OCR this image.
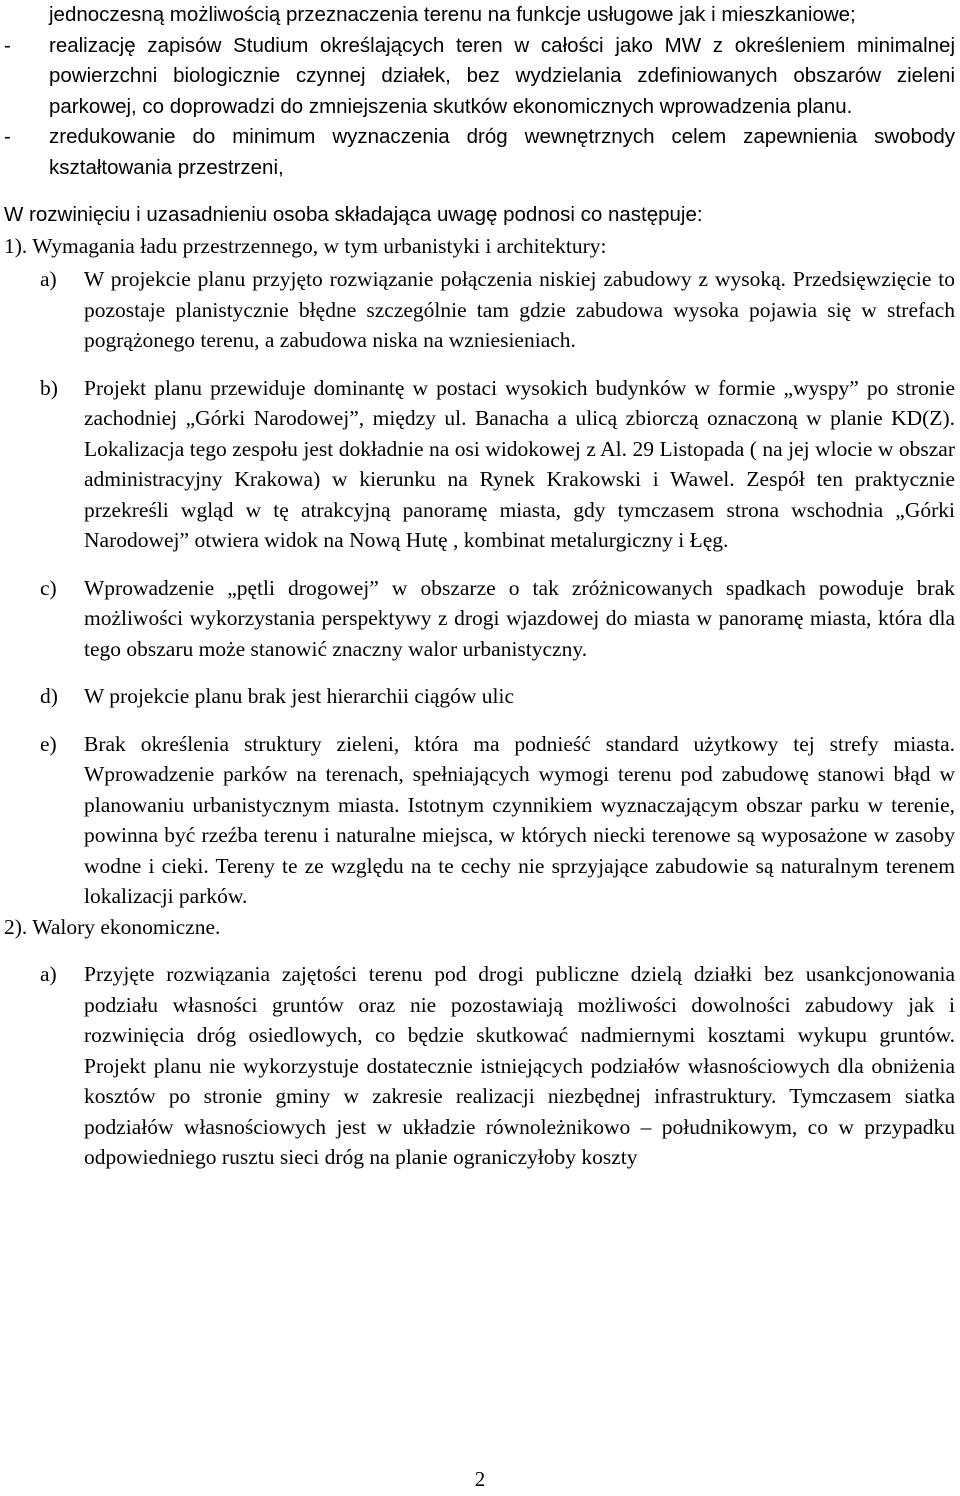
jednoczesną możliwością przeznaczenia terenu na funkcje usługowe jak i mieszkaniowe;

-	realizację zapisów Studium określających teren w całości jako MW z określeniem minimalnej powierzchni biologicznie czynnej działek, bez wydzielania zdefiniowanych obszarów zieleni parkowej, co doprowadzi do zmniejszenia skutków ekonomicznych wprowadzenia planu.
-	zredukowanie do minimum wyznaczenia dróg wewnętrznych celem zapewnienia swobody kształtowania przestrzeni,

W rozwinięciu i uzasadnieniu osoba składająca uwagę podnosi co następuje:

1). Wymagania ładu przestrzennego, w tym urbanistyki i architektury:

a)	W projekcie planu przyjęto rozwiązanie połączenia niskiej zabudowy z wysoką. Przedsięwzięcie to pozostaje planistycznie błędne szczególnie tam gdzie zabudowa wysoka pojawia się w strefach pogrążonego terenu, a zabudowa niska na wzniesieniach.
b)	Projekt planu przewiduje dominantę w postaci wysokich budynków w formie „wyspy” po stronie zachodniej „Górki Narodowej”, między ul. Banacha a ulicą zbiorczą oznaczoną w planie KD(Z). Lokalizacja tego zespołu jest dokładnie na osi widokowej z Al. 29 Listopada ( na jej wlocie w obszar administracyjny Krakowa) w kierunku na Rynek Krakowski i Wawel. Zespół ten praktycznie przekreśli wgląd w tę atrakcyjną panoramę miasta, gdy tymczasem strona wschodnia „Górki Narodowej” otwiera widok na Nową Hutę , kombinat metalurgiczny i Łęg.
c)	Wprowadzenie „pętli drogowej” w obszarze o tak zróżnicowanych spadkach powoduje brak możliwości wykorzystania perspektywy z drogi wjazdowej do miasta w panoramę miasta, która dla tego obszaru może stanowić znaczny walor urbanistyczny.
d)	W projekcie planu brak jest hierarchii ciągów ulic
e)	Brak określenia struktury zieleni, która ma podnieść standard użytkowy tej strefy miasta. Wprowadzenie parków na terenach, spełniających wymogi terenu pod zabudowę stanowi błąd w planowaniu urbanistycznym miasta. Istotnym czynnikiem wyznaczającym obszar parku w terenie, powinna być rzeźba terenu i naturalne miejsca, w których niecki terenowe są wyposażone w zasoby wodne i cieki. Tereny te ze względu na te cechy nie sprzyjające zabudowie są naturalnym terenem lokalizacji parków.

2). Walory ekonomiczne.

a)	Przyjęte rozwiązania zajętości terenu pod drogi publiczne dzielą działki bez usankcjonowania podziału własności gruntów oraz nie pozostawiają możliwości dowolności zabudowy jak i rozwinięcia dróg osiedlowych, co będzie skutkować nadmiernymi kosztami wykupu gruntów. Projekt planu nie wykorzystuje dostatecznie istniejących podziałów własnościowych dla obniżenia kosztów po stronie gminy w zakresie realizacji niezbędnej infrastruktury. Tymczasem siatka podziałów własnościowych jest w układzie równoleżnikowo – południkowym, co w przypadku odpowiedniego rusztu sieci dróg na planie ograniczyłoby koszty
2
